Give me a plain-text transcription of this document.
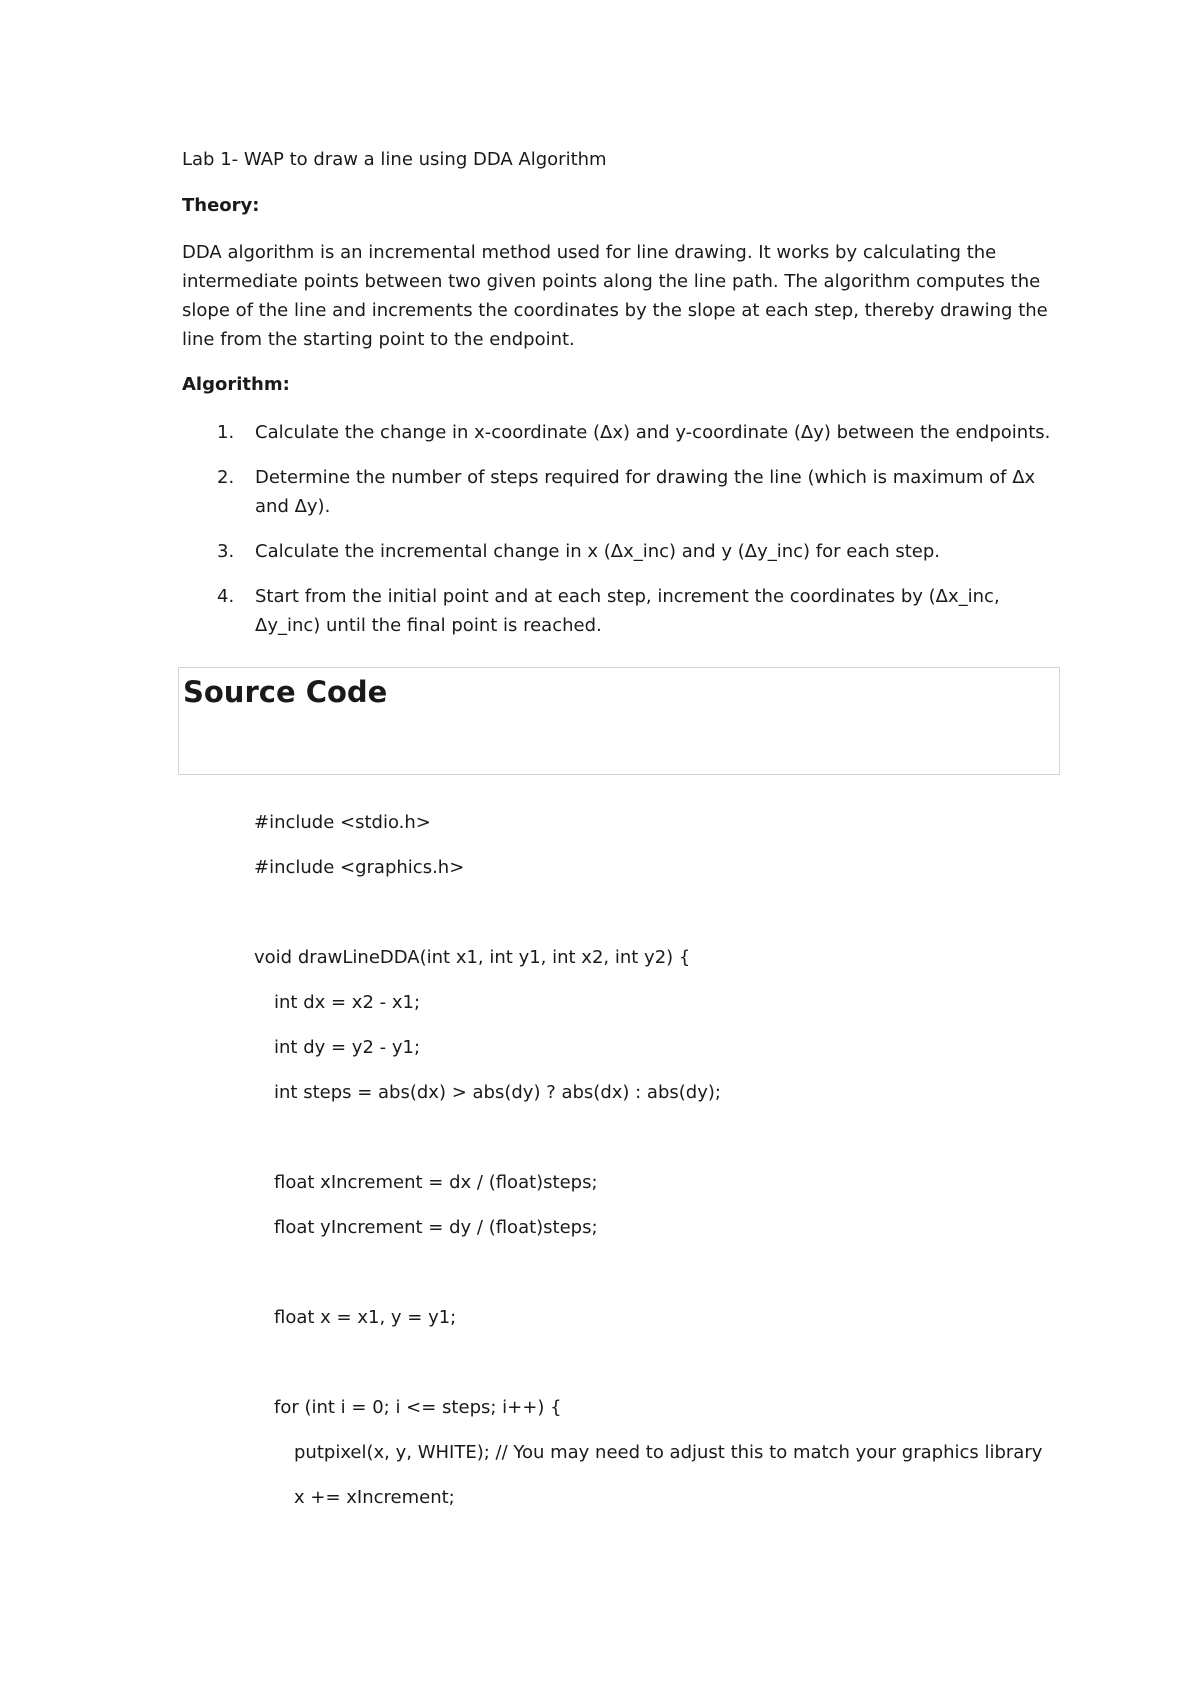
Lab 1- WAP to draw a line using DDA Algorithm
Theory:
DDA algorithm is an incremental method used for line drawing. It works by calculating the intermediate points between two given points along the line path. The algorithm computes the slope of the line and increments the coordinates by the slope at each step, thereby drawing the line from the starting point to the endpoint.
Algorithm:
1. Calculate the change in x-coordinate (Δx) and y-coordinate (Δy) between the endpoints.
2. Determine the number of steps required for drawing the line (which is maximum of Δx and Δy).
3. Calculate the incremental change in x (Δx_inc) and y (Δy_inc) for each step.
4. Start from the initial point and at each step, increment the coordinates by (Δx_inc, Δy_inc) until the final point is reached.
Source Code
#include <stdio.h>
#include <graphics.h>
void drawLineDDA(int x1, int y1, int x2, int y2) {
int dx = x2 - x1;
int dy = y2 - y1;
int steps = abs(dx) > abs(dy) ? abs(dx) : abs(dy);
float xIncrement = dx / (float)steps;
float yIncrement = dy / (float)steps;
float x = x1, y = y1;
for (int i = 0; i <= steps; i++) {
putpixel(x, y, WHITE); // You may need to adjust this to match your graphics library
x += xIncrement;
